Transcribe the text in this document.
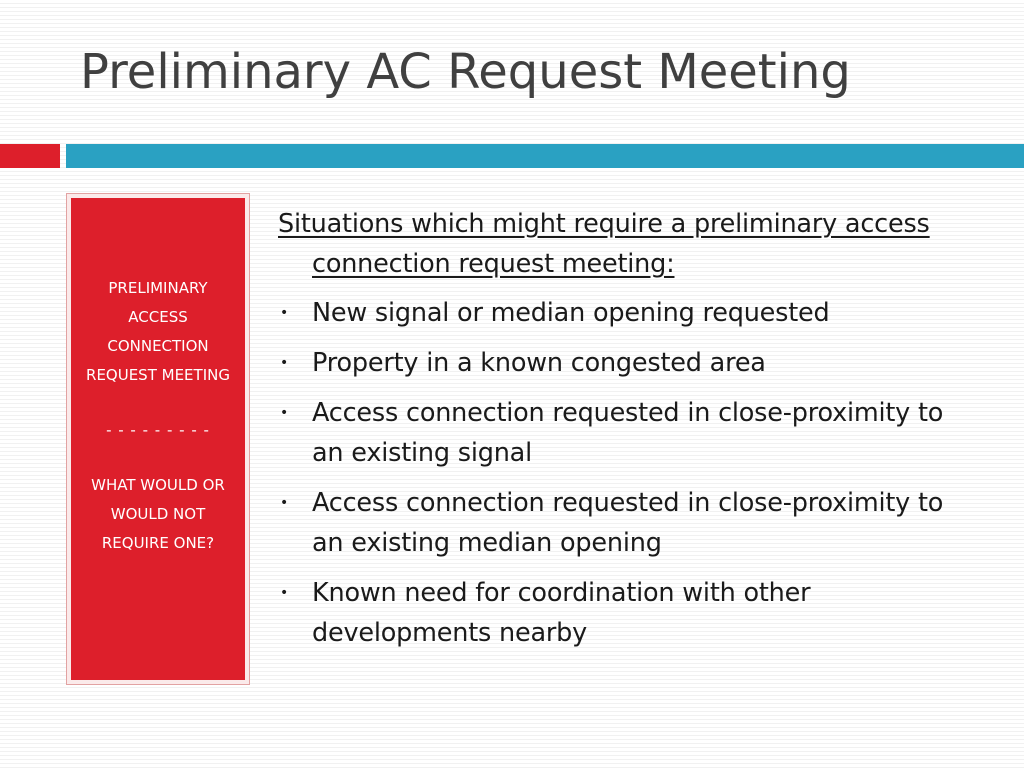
Preliminary AC Request Meeting
PRELIMINARY ACCESS CONNECTION REQUEST MEETING
- - - - - - - - -
WHAT WOULD OR WOULD NOT REQUIRE ONE?

Situations which might require a preliminary access connection request meeting:

• New signal or median opening requested
• Property in a known congested area
• Access connection requested in close-proximity to an existing signal
• Access connection requested in close-proximity to an existing median opening
• Known need for coordination with other developments nearby
